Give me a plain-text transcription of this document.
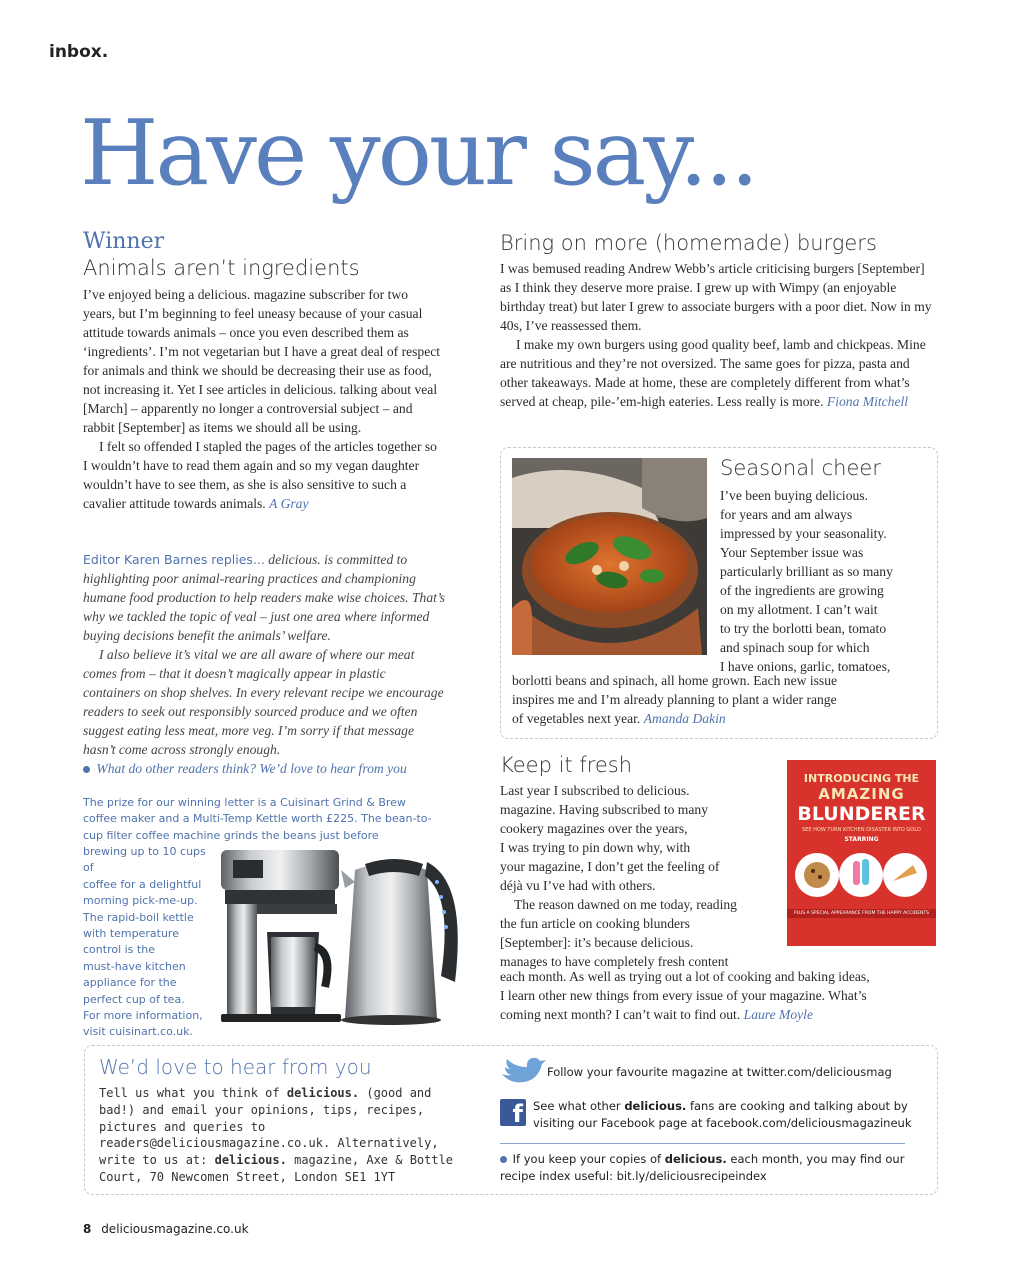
inbox.
Have your say...
Winner
Animals aren’t ingredients

I’ve enjoyed being a delicious. magazine subscriber for two years, but I’m beginning to feel uneasy because of your casual attitude towards animals – once you even described them as ‘ingredients’. I’m not vegetarian but I have a great deal of respect for animals and think we should be decreasing their use as food, not increasing it. Yet I see articles in delicious. talking about veal [March] – apparently no longer a controversial subject – and rabbit [September] as items we should all be using.

I felt so offended I stapled the pages of the articles together so I wouldn’t have to read them again and so my vegan daughter wouldn’t have to see them, as she is also sensitive to such a cavalier attitude towards animals. A Gray

Editor Karen Barnes replies... delicious. is committed to highlighting poor animal-rearing practices and championing humane food production to help readers make wise choices. That’s why we tackled the topic of veal – just one area where informed buying decisions benefit the animals’ welfare.

I also believe it’s vital we are all aware of where our meat comes from – that it doesn’t magically appear in plastic containers on shop shelves. In every relevant recipe we encourage readers to seek out responsibly sourced produce and we often suggest eating less meat, more veg. I’m sorry if that message hasn’t come across strongly enough.

What do other readers think? We’d love to hear from you

The prize for our winning letter is a Cuisinart Grind & Brew coffee maker and a Multi-Temp Kettle worth £225. The bean-to-cup filter coffee machine grinds the beans just before
brewing up to 10 cups of
coffee for a delightful
morning pick-me-up.
The rapid-boil kettle
with temperature
control is the
must-have kitchen
appliance for the
perfect cup of tea.
For more information,
visit cuisinart.co.uk.
Bring on more (homemade) burgers

I was bemused reading Andrew Webb’s article criticising burgers [September] as I think they deserve more praise. I grew up with Wimpy (an enjoyable birthday treat) but later I grew to associate burgers with a poor diet. Now in my 40s, I’ve reassessed them.

I make my own burgers using good quality beef, lamb and chickpeas. Mine are nutritious and they’re not oversized. The same goes for pizza, pasta and other takeaways. Made at home, these are completely different from what’s served at cheap, pile-’em-high eateries. Less really is more. Fiona Mitchell

Seasonal cheer
I’ve been buying delicious.
for years and am always
impressed by your seasonality.
Your September issue was
particularly brilliant as so many
of the ingredients are growing
on my allotment. I can’t wait
to try the borlotti bean, tomato
and spinach soup for which
I have onions, garlic, tomatoes,
borlotti beans and spinach, all home grown. Each new issue
inspires me and I’m already planning to plant a wider range
of vegetables next year. Amanda Dakin
Keep it fresh
Last year I subscribed to delicious.
magazine. Having subscribed to many
cookery magazines over the years,
I was trying to pin down why, with
your magazine, I don’t get the feeling of
déjà vu I’ve had with others.
The reason dawned on me today, reading
the fun article on cooking blunders
[September]: it’s because delicious.
manages to have completely fresh content
each month. As well as trying out a lot of cooking and baking ideas,
I learn other new things from every issue of your magazine. What’s
coming next month? I can’t wait to find out. Laure Moyle
INTRODUCING THE
AMAZING
BLUNDERER
SEE HOW TURN KITCHEN DISASTER INTO GOLD
STARRING
PLUS A SPECIAL APPEARANCE FROM THE HAPPY ACCIDENTS
We’d love to hear from you
Tell us what you think of delicious. (good and bad!) and email your opinions, tips, recipes, pictures and queries to readers@deliciousmagazine.co.uk. Alternatively, write to us at: delicious. magazine, Axe & Bottle Court, 70 Newcomen Street, London SE1 1YT
Follow your favourite magazine at twitter.com/deliciousmag
f See what other delicious. fans are cooking and talking about by visiting our Facebook page at facebook.com/deliciousmagazineuk
If you keep your copies of delicious. each month, you may find our recipe index useful: bit.ly/deliciousrecipeindex
8 deliciousmagazine.co.uk
